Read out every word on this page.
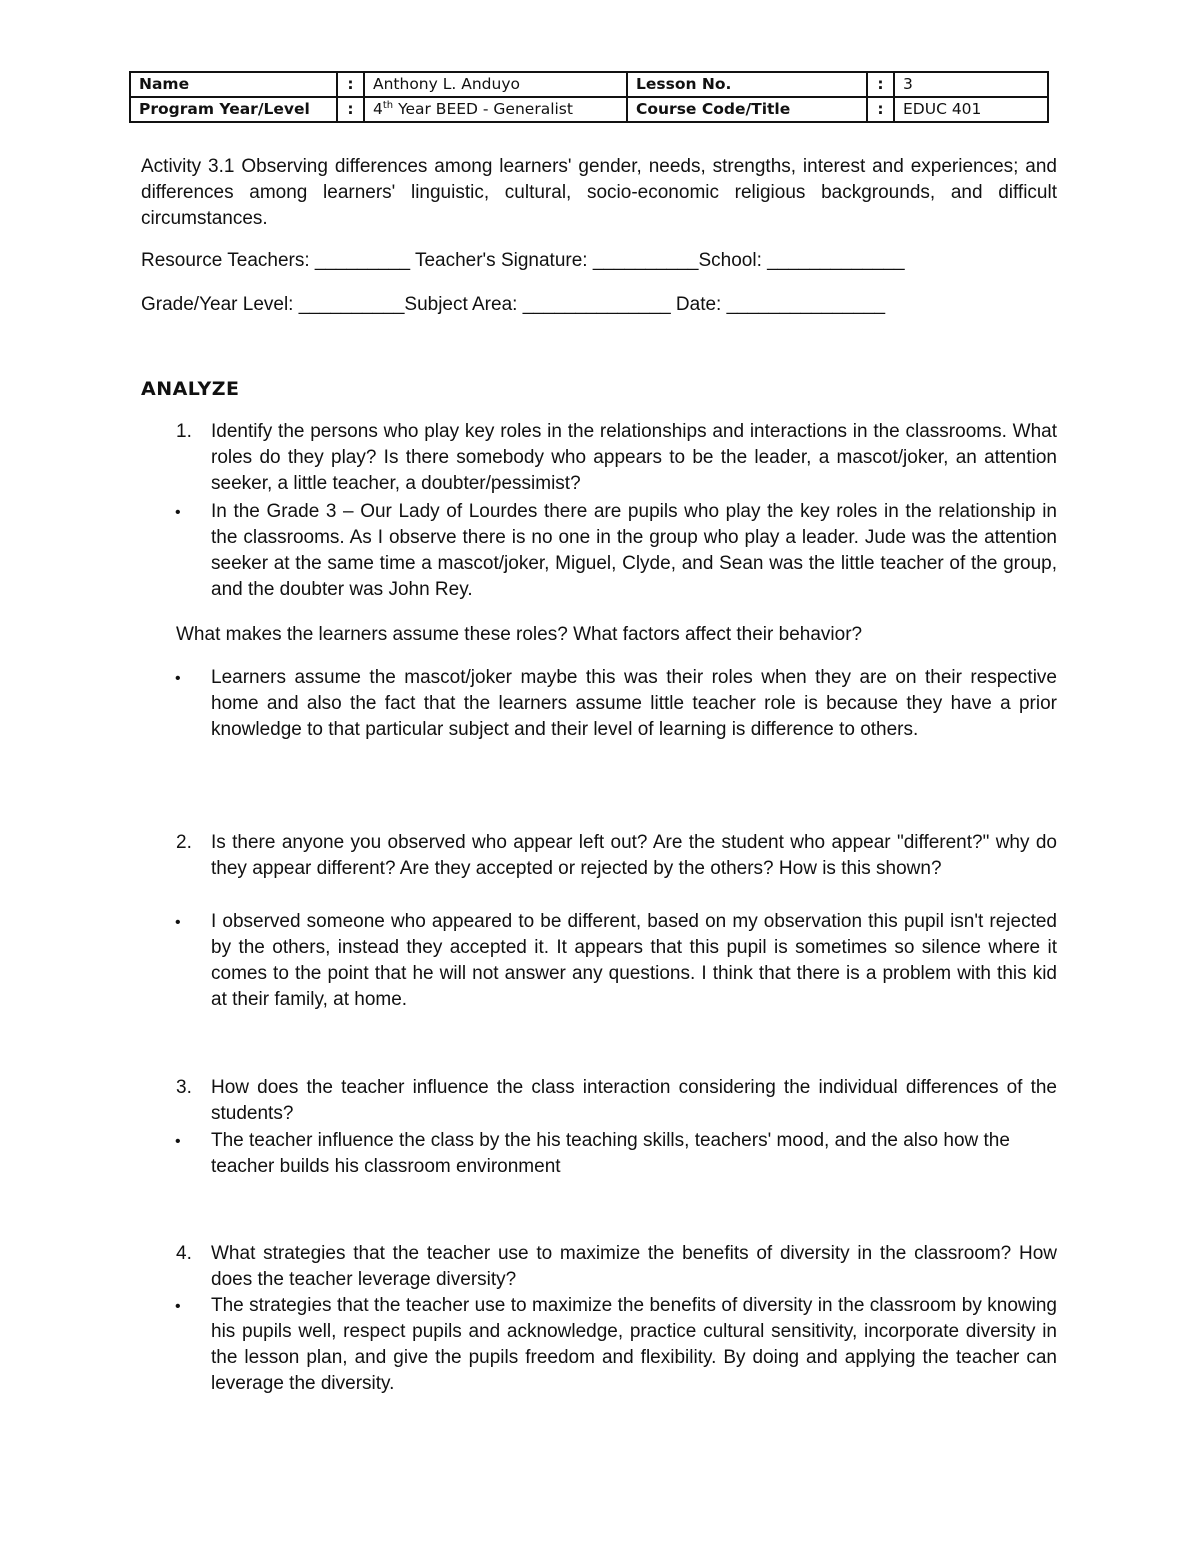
Name	:	Anthony L. Anduyo	Lesson No.	:	3
Program Year/Level	:	4th Year BEED - Generalist	Course Code/Title	:	EDUC 401
Activity 3.1 Observing differences among learners' gender, needs, strengths, interest and experiences; and differences among learners' linguistic, cultural, socio-economic religious backgrounds, and difficult circumstances.
Resource Teachers: _________ Teacher's Signature: __________School: _____________
Grade/Year Level: __________Subject Area: ______________ Date: _______________
ANALYZE
1.	Identify the persons who play key roles in the relationships and interactions in the classrooms. What roles do they play? Is there somebody who appears to be the leader, a mascot/joker, an attention seeker, a little teacher, a doubter/pessimist?
• In the Grade 3 – Our Lady of Lourdes there are pupils who play the key roles in the relationship in the classrooms. As I observe there is no one in the group who play a leader. Jude was the attention seeker at the same time a mascot/joker, Miguel, Clyde, and Sean was the little teacher of the group, and the doubter was John Rey.
What makes the learners assume these roles? What factors affect their behavior?
• Learners assume the mascot/joker maybe this was their roles when they are on their respective home and also the fact that the learners assume little teacher role is because they have a prior knowledge to that particular subject and their level of learning is difference to others.
2.	Is there anyone you observed who appear left out? Are the student who appear "different?" why do they appear different? Are they accepted or rejected by the others? How is this shown?
• I observed someone who appeared to be different, based on my observation this pupil isn't rejected by the others, instead they accepted it. It appears that this pupil is sometimes so silence where it comes to the point that he will not answer any questions. I think that there is a problem with this kid at their family, at home.
3.	How does the teacher influence the class interaction considering the individual differences of the students?
• The teacher influence the class by the his teaching skills, teachers' mood, and the also how the teacher builds his classroom environment
4.	What strategies that the teacher use to maximize the benefits of diversity in the classroom? How does the teacher leverage diversity?
• The strategies that the teacher use to maximize the benefits of diversity in the classroom by knowing his pupils well, respect pupils and acknowledge, practice cultural sensitivity, incorporate diversity in the lesson plan, and give the pupils freedom and flexibility. By doing and applying the teacher can leverage the diversity.
